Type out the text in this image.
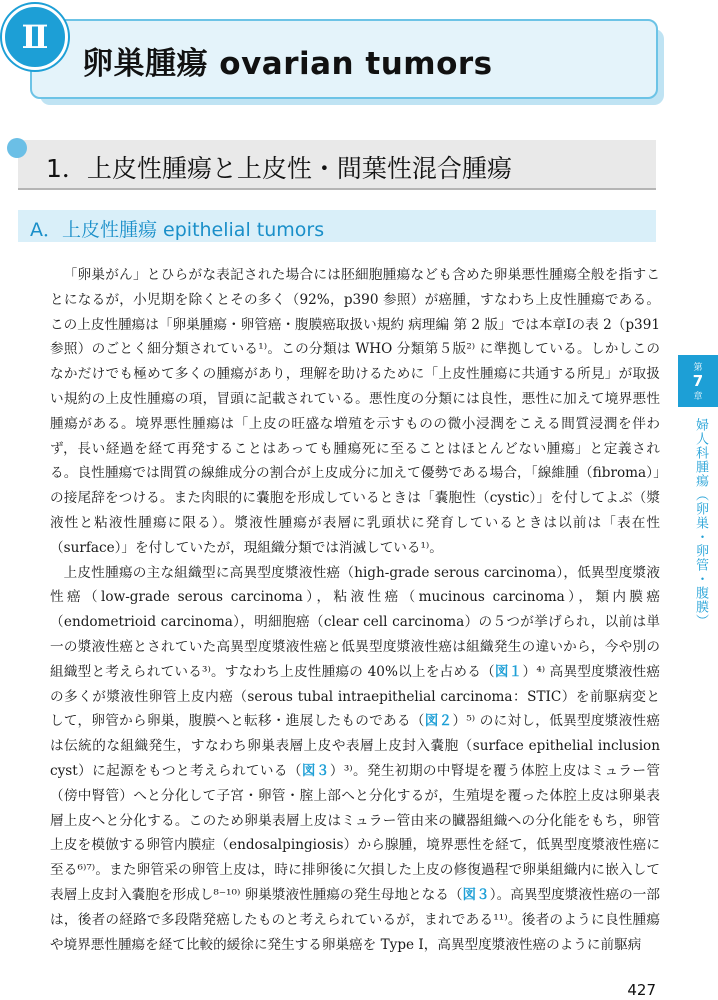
Ⅱ
卵巣腫瘍 ovarian tumors
1．上皮性腫瘍と上皮性・間葉性混合腫瘍
A．上皮性腫瘍 epithelial tumors

「卵巣がん」とひらがな表記された場合には胚細胞腫瘍なども含めた卵巣悪性腫瘍全般を指すことになるが，小児期を除くとその多く（92%，p390 参照）が癌腫，すなわち上皮性腫瘍である。この上皮性腫瘍は「卵巣腫瘍・卵管癌・腹膜癌取扱い規約 病理編 第 2 版」では本章Ⅰの表 2（p391 参照）のごとく細分類されている¹⁾。この分類は WHO 分類第５版²⁾ に準拠している。しかしこのなかだけでも極めて多くの腫瘍があり，理解を助けるために「上皮性腫瘍に共通する所見」が取扱い規約の上皮性腫瘍の項，冒頭に記載されている。悪性度の分類には良性，悪性に加えて境界悪性腫瘍がある。境界悪性腫瘍は「上皮の旺盛な増殖を示すものの微小浸潤をこえる間質浸潤を伴わず，長い経過を経て再発することはあっても腫瘍死に至ることはほとんどない腫瘍」と定義される。良性腫瘍では間質の線維成分の割合が上皮成分に加えて優勢である場合，「線維腫（fibroma）」の接尾辞をつける。また肉眼的に嚢胞を形成しているときは「嚢胞性（cystic）」を付してよぶ（漿液性と粘液性腫瘍に限る）。漿液性腫瘍が表層に乳頭状に発育しているときは以前は「表在性（surface）」を付していたが，現組織分類では消滅している¹⁾。

上皮性腫瘍の主な組織型に高異型度漿液性癌（high-grade serous carcinoma），低異型度漿液性癌（low-grade serous carcinoma），粘液性癌（mucinous carcinoma），類内膜癌（endometrioid carcinoma），明細胞癌（clear cell carcinoma）の５つが挙げられ，以前は単一の漿液性癌とされていた高異型度漿液性癌と低異型度漿液性癌は組織発生の違いから，今や別の組織型と考えられている³⁾。すなわち上皮性腫瘍の 40%以上を占める（図１）⁴⁾ 高異型度漿液性癌の多くが漿液性卵管上皮内癌（serous tubal intraepithelial carcinoma：STIC）を前駆病変として，卵管から卵巣，腹膜へと転移・進展したものである（図２）⁵⁾ のに対し，低異型度漿液性癌は伝統的な組織発生，すなわち卵巣表層上皮や表層上皮封入嚢胞（surface epithelial inclusion cyst）に起源をもつと考えられている（図３）³⁾。発生初期の中腎堤を覆う体腔上皮はミュラー管（傍中腎管）へと分化して子宮・卵管・腟上部へと分化するが，生殖堤を覆った体腔上皮は卵巣表層上皮へと分化する。このため卵巣表層上皮はミュラー管由来の臓器組織への分化能をもち，卵管上皮を模倣する卵管内膜症（endosalpingiosis）から腺腫，境界悪性を経て，低異型度漿液性癌に至る⁶⁾⁷⁾。また卵管采の卵管上皮は，時に排卵後に欠損した上皮の修復過程で卵巣組織内に嵌入して表層上皮封入嚢胞を形成し⁸⁻¹⁰⁾ 卵巣漿液性腫瘍の発生母地となる（図３）。高異型度漿液性癌の一部は，後者の経路で多段階発癌したものと考えられているが，まれである¹¹⁾。後者のように良性腫瘍や境界悪性腫瘍を経て比較的緩徐に発生する卵巣癌を Type Ⅰ，高異型度漿液性癌のように前駆病

第
7
章
婦人科腫瘍（卵巣・卵管・腹膜）
427
